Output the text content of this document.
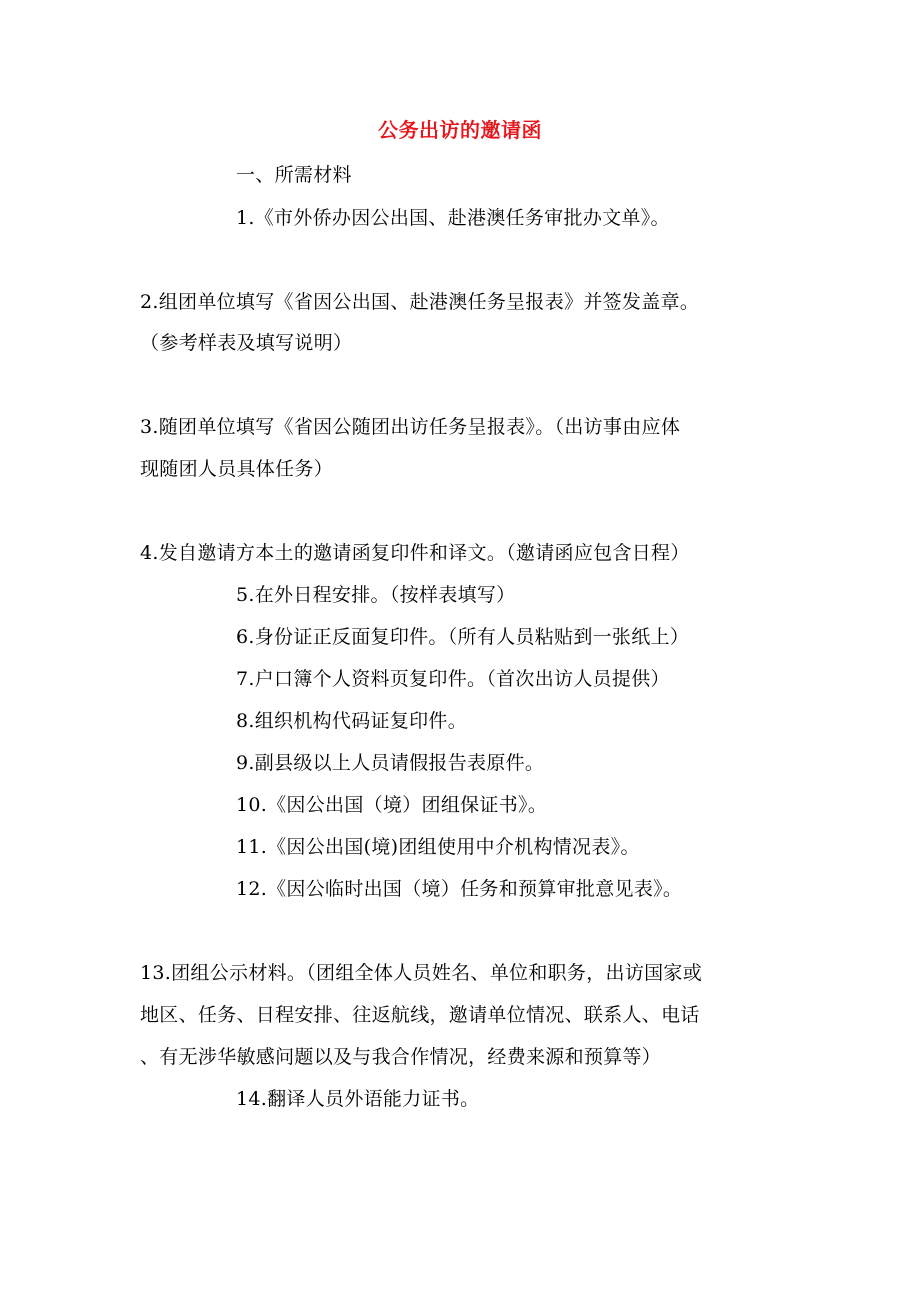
公务出访的邀请函
一、所需材料
1.《市外侨办因公出国、赴港澳任务审批办文单》。
2.组团单位填写《省因公出国、赴港澳任务呈报表》并签发盖章。
（参考样表及填写说明）
3.随团单位填写《省因公随团出访任务呈报表》。（出访事由应体
现随团人员具体任务）
4.发自邀请方本土的邀请函复印件和译文。（邀请函应包含日程）
5.在外日程安排。（按样表填写）
6.身份证正反面复印件。（所有人员粘贴到一张纸上）
7.户口簿个人资料页复印件。（首次出访人员提供）
8.组织机构代码证复印件。
9.副县级以上人员请假报告表原件。
10.《因公出国（境）团组保证书》。
11.《因公出国(境)团组使用中介机构情况表》。
12.《因公临时出国（境）任务和预算审批意见表》。
13.团组公示材料。（团组全体人员姓名、单位和职务，出访国家或
地区、任务、日程安排、往返航线，邀请单位情况、联系人、电话
、有无涉华敏感问题以及与我合作情况，经费来源和预算等）
14.翻译人员外语能力证书。
